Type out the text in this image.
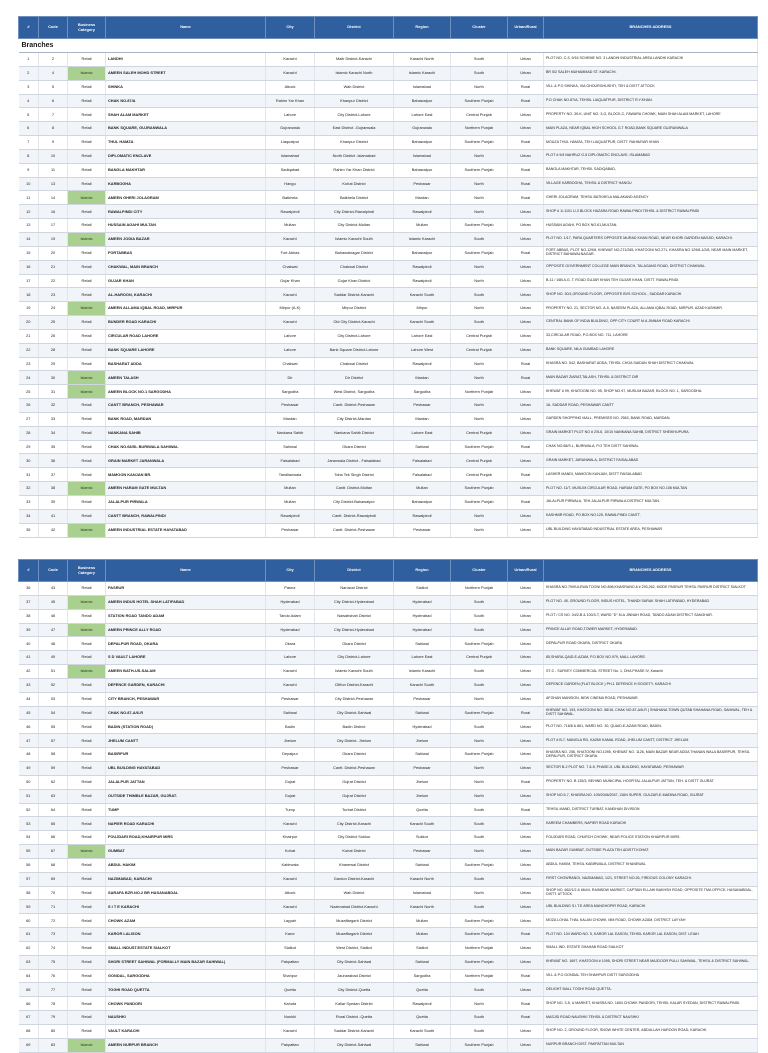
#	Code	Business Category	Name	City	District	Region	Cluster	Urban/Rural	BRANCHES ADDRESS
Branches									
1	2	Retail	LANDHI	Karachi	Malir District-Karachi	Karachi North	South	Urban	PLOT NO. C-3, 9/16 SCHEME NO. 3 LANDHI INDUSTRIAL AREA LANDHI KARACHI
2	4	Islamic	AMEEN SALEH MOHD STREET	Karachi	Islamic Karachi North	Islamic Karachi	South	Urban	BR 5/2 SALEH MUHAMMAD ST. KARACHI.
3	5	Retail	SHINKA	Attock	Wah District	Islamabad	North	Rural	VILL & P.O SHINKA, VIA GHOURGHUSHTI, TEH & DISTT ATTOCK
4	6	Retail	CHAK NO.87/A	Rahim Yar Khan	Khanpur District	Bahawalpur	Southern Punjab	Rural	P.O CHAK NO.87/A, TEHSIL LIAQUATPUR, DISTRICT R.Y.KHAN.
5	7	Retail	SHAH ALAM MARKET	Lahore	City District-Lahore	Lahore East	Central Punjab	Urban	PROPERTY NO. 39-K, UNIT NO. 3-G, BLOCK-C, FAWARA CHOWK, MAIN SHAH ALAM MARKET, LAHORE
6	8	Retail	BANK SQUARE, GUJRANWALA	Gujranwala	East District -Gujranwala	Gujranwala	Northern Punjab	Urban	MAIN PLAZA, NEAR IQBAL HIGH SCHOOL G.T ROAD,BANK SQUARE GUJRANWALA
7	9	Retail	THUL HAMZA	Liaquatpur	Khanpur District	Bahawalpur	Southern Punjab	Rural	MOUZA THUL HAMZA, TEH LIAQUATPUR, DISTT. RAHIMYAR KHAN
8	10	Retail	DIPLOMATIC ENCLAVE	Islamabad	North District -Islamabad	Islamabad	North	Urban	PLOT # 9/4 NAHRUZ G-5 DIPLOMATIC ENCLAVE, ISLAMABAD
9	11	Retail	BANGLA MAKHTAR	Sadiqabad	Rahim Yar Khan District	Bahawalpur	Southern Punjab	Rural	BANGLA MAKHTAR, TEHSIL SADIQABAD,
10	13	Retail	KARBOGHA	Hangu	Kohat District	Peshawar	North	Rural	VILLAGE KARBOGHA, TEHSIL & DISTRICT HANGU
11	14	Islamic	AMEEN GHERI JOLAGRAM	Batkhela	Batkhela District	Mardan	North	Rural	GHERI JOLAGRAM, TEHSIL BATKHELA MALAKAND AGENCY
12	16	Retail	RAWALPINDI CITY	Rawalpindi	City District-Rawalpindi	Rawalpindi	North	Urban	SHOP # 1/-1101 U-3 BLOCK HAZARA ROAD RAWALPINDI TEHSIL & DISTRICT RAWALPINDI
13	17	Retail	HUSSAIN AGAHI MULTAN	Multan	City District-Multan	Multan	Southern Punjab	Urban	HUSSAIN AGAHI, PO BOX NO.61,MULTAN.
14	19	Islamic	AMEEN JODIA BAZAR	Karachi	Islamic Karachi South	Islamic Karachi	South	Urban	PLOT NO. 1/17, PARA QUARTERS OPPOSITE MURAD KHAN ROAD, NEAR KHORI GARDEN MASJID, KARACHI.
15	20	Retail	FORTABBAS	Fort Abbas	Bahawalnagar District	Bahawalpur	Southern Punjab	Rural	FORT ABBAS, PLOT NO.129/8, KHEWAT NO.271/265, KHATOONI NO.271, KHASRA NO.129/8-1/2/8, NEAR MAIN MARKET, DISTRICT BAHAWALNAGAR.
16	21	Retail	CHAKWAL, MAIN BRANCH	Chakwal	Chakwal District	Rawalpindi	North	Urban	OPPOSITE GOVERNMENT COLLEGE MAIN BRANCH, TALAGANG ROAD, DISTRICT CHAKWAL.
17	22	Retail	GUJAR KHAN	Gujar Khan	Gujar Khan District	Rawalpindi	North	Urban	B-11 / 16B A.G. T. ROAD GUJAR KHAN TEH GUJAR KHAN, DISTT. RAWALPINDI.
18	23	Retail	AL-HAROON, KARACHI	Karachi	Saddar District-Karachi	Karachi South	South	Urban	SHOP NO. 30/1,GROUND FLOOR, OPPOSITE BVS SCHOOL , SADDAR KARACHI
19	24	Islamic	AMEEN ALLAMA IQBAL ROAD, MIRPUR	Mirpur (A.K)	Mirpur District	Mirpur	North	Urban	PROPERTY NO. 21, SECTOR NO. A-5, NASEEM PLAZA, ALLAMA IQBAL ROAD, MIRPUR, AZAD KASHMIR.
20	25	Retail	BUNDER ROAD KARACHI	Karachi	Old City District-Karachi	Karachi South	South	Urban	CENTRAL BANK OF INDIA BUILDING, OPP CITY COURT M.A JINNAH ROAD KARACHI
21	26	Retail	CIRCULAR ROAD LAHORE	Lahore	City District-Lahore	Lahore East	Central Punjab	Urban	33,CIRCULAR ROAD, P.O.BOX NO. 711, LAHORE
22	28	Retail	BANK SQUARE LAHORE	Lahore	Bank Square District-Lahore	Lahore West	Central Punjab	Urban	BANK SQUARE, NILA GUMBAD LAHORE
23	29	Retail	BASHARAT ADDA	Chakwal	Chakwal District	Rawalpindi	North	Rural	KHASRA NO. 542, BASHARAT ADDA, TEHSIL CHOA SAIDAN SHAH DISTRICT CHAKWAL
24	30	Islamic	AMEEN TALASH	Dir	Dir District	Mardan	North	Rural	MAIN BAZAR ZIARAT,TALASH, TEHSIL & DISTRICT DIR
25	31	Islamic	AMEEN BLOCK NO.1 SARGODHA	Sargodha	West District, Sargodha	Sargodha	Northern Punjab	Urban	KHEWAT # 99, KHATOONI NO. 95, SHOP NO.97, MUSLIM BAZAR, BLOCK NO. 1, SARGODHA.
26	32	Retail	CANTT BRANCH, PESHAWAR	Peshawar	Cantt. District-Peshawar	Peshawar	North	Urban	16- SADDAR ROAD, PESHAWAR CANTT
27	33	Retail	BANK ROAD, MARDAN	Mardan	City District-Mardan	Mardan	North	Urban	GARDEN SHOPPING MALL, PREMISES NO. 2563, BANK ROAD, MARDAN.
28	34	Retail	NANKANA SAHIB	Nankana Sahib	Nankana Sahib District	Lahore East	Central Punjab	Urban	GRAIN MARKET PLOT NO # 2/5-6, 10/10 NANKANA SAHIB, DISTRICT SHEIKHUPURA
29	35	Retail	CHAK NO.68/SL BURIWALA SAHIWAL	Sahiwal	Okara District	Sahiwal	Southern Punjab	Rural	CHAK NO.68/S.L, BURIWALA, P.O TEH DISTT SAHIWAL
30	36	Retail	GRAIN MARKET JARANWALA	Faisalabad	Jaranwala District - Faisalabad	Faisalabad	Central Punjab	Urban	GRAIN MARKET, JARANWALA, DISTRICT FAISALABAD
31	37	Retail	MAMOON KANJAN BR.	Tandlianwala	Toba Tek Singh District	Faisalabad	Central Punjab	Rural	LASHER MANDI, MAMOON KANJAN, DISTT FAISALABAD
32	38	Islamic	AMEEN HARAM GATE MULTAN	Multan	Cantt. District-Multan	Multan	Southern Punjab	Urban	PLOT NO. 11/7, MUSLIM CIRCULAR ROAD, HARAM GATE, PO BOX NO.108 MULTAN
33	39	Retail	JALALPUR PIRWALA	Multan	City District-Bahawalpur	Bahawalpur	Southern Punjab	Rural	JALALPUR PIRWALA, TEH.JALALPUR PIRWALA DISTRICT MULTAN.
34	41	Retail	CANTT BRANCH, RAWALPINDI	Rawalpindi	Cantt. District-Rawalpindi	Rawalpindi	North	Urban	KASHMIR ROAD, PO.BOX NO.125, RAWALPINDI CANTT.
35	42	Islamic	AMEEN INDUSTRIAL ESTATE HAYATABAD	Peshawar	Cantt. District-Peshawar	Peshawar	North	Urban	UBL BUILDING HAYATABAD INDUSTRIAL ESTATE AREA, PESHAWAR
#	Code	Business Category	Name	City	District	Region	Cluster	Urban/Rural	BRANCHES ADDRESS
36	43	Retail	PASRUR	Pasrur	Narowal District	Sialkot	Northern Punjab	Urban	KHASRA NO.79/KULEWA TOONI NO.898,KHASRANO.8 # 293,262, MODE PASRUR TEHSIL PASRUR DISTRICT SIALKOT
37	45	Islamic	AMEEN INDUS HOTEL SHAH LATIFABAD	Hyderabad	City District-Hyderabad	Hyderabad	South	Urban	PLOT NO. 45, GROUND FLOOR, INDUS HOTEL, THANDI SARAK SHAH LATIFABAD, HYDERABAD
38	46	Retail	STATION ROAD TANDO ADAM	Tando Adam	Nawabshah District	Hyderabad	South	Urban	PLOT / CS NO. 04/2-B & 100/3-T, WARD "D" M.A JINNAH ROAD, TANDO ADAM DISTRICT SANGHAR.
39	47	Islamic	AMEEN PRINCE ALLY ROAD	Hyderabad	City District-Hyderabad	Hyderabad	South	Urban	PRINCE ALLAY ROAD,TOWER MARKET, HYDERABAD.
40	48	Retail	DEPALPUR ROAD, OKARA	Okara	Okara District	Sahiwal	Southern Punjab	Urban	DEPALPUR ROAD OKARA, DISTRICT OKARA
41	49	Retail	S D VAULT LAHORE	Lahore	City District-Lahore	Lahore East	Central Punjab	Urban	85,SHARA-QAID-E-AZAM, P.O.BOX NO.979, MALL LAHORE.
42	51	Islamic	AMEEN BATH-US-SALAM	Karachi	Islamic Karachi South	Islamic Karachi	South	Urban	ST-C - SURVEY COMMERCIAL STREET No. 1, DHA PHASE IV, Karachi
43	52	Retail	DEFENCE GARDEN, KARACHI	Karachi	Clifton District-Karachi	Karachi South	South	Urban	DEFENCE GARDEN (FLAT BLOCK ) PH-1 DEFENCE H.SOCIETY, KARACHI
44	53	Retail	CITY BRANCH, PESHAWAR	Peshawar	City District-Peshawar	Peshawar	North	Urban	AFGHAN MANSION, NEW CINEMA ROAD, PESHAWAR
45	54	Retail	CHAK NO.87-A/6-R	Sahiwal	City District-Sahiwal	Sahiwal	Southern Punjab	Rural	KHEWAT NO. 193, KHATOONI NO. 58/16, CHAK NO.87-A/6-R ( SHAHANA TOWN QUTAB SHAHANA ROAD, SAHIWAL, TEH & DISTT SAHIWAL.
46	55	Retail	BADIN (STATION ROAD)	Badin	Badin District	Hyderabad	South	Urban	PLOT NO. 718/8 & 861, WARD NO. 30, QUAID-E-AZAM ROAD, BADIN.
47	57	Retail	JHELUM CANTT	Jhelum	City District- Jhelum	Jhelum	North	Urban	PLOT # B-7, MANGLA RD, KAZMI KAMAL ROAD, JHELUM CANTT, DISTRICT JHELUM
48	58	Retail	BASIRPUR	Depalpur	Okara District	Sahiwal	Southern Punjab	Urban	KHASRA NO. 256, KHATOONI NO.1095, KHEWAT NO. 1126, MAIN BAZAR NEAR ADDA THANAN WALA BASIRPUR, TEHSIL DEPALPUR, DISTRICT OKARA.
49	59	Retail	UBL BUILDING HAYATABAD	Peshawar	Cantt. District-Peshawar	Peshawar	North	Urban	SECTOR B-2 PLOT NO. 7 & 8, PHASE-5, UBL BUILDING, HAYATABAD, PESHAWAR
50	62	Retail	JALALPUR JATTAN	Gujrat	Gujrat District	Jhelum	North	Rural	PROPERTY NO. B 135/3, BEHIND MUNICIPAL HOSPITAL JALALPUR JATTAN, TEH. & DISTT GUJRAT
51	63	Retail	OUTSIDE THIMBLE BAZAR, GUJRAT.	Gujrat	Gujrat District	Jhelum	North	Urban	SHOP NO.5-7, KHASRA NO. 109/2046/2047, ZAIN SUPER, GULZAR-E-MADINA ROAD, GUJRAT
52	64	Retail	TUMP	Tump	Turbat District	Quetta	South	Rural	TEHSIL MAND, DISTRICT TURBAT, KANDHAN DIVISION
53	65	Retail	NAPIER ROAD KARACHI	Karachi	City District-Karachi	Karachi South	South	Urban	KAREEM CHAMBERS, NAPIER ROAD KARACHI
54	66	Retail	FOUJDARI ROAD,KHAIRPUR MIRS	Khairpur	City District Sukkur	Sukkur	South	Urban	FOUJDARI ROAD, CHURCH CHOWK, NEAR POLICE STATION KHAIRPUR MIRS.
55	67	Islamic	GUMBAT	Kohat	Kohat District	Peshawar	North	Urban	MAIN BAZAR GUMBAT, OUTSIDE PLAZA TEH.&DISTT.KOHAT.
56	68	Retail	ABDUL HAKIM	Kabirwala	Khanewal District	Sahiwal	Southern Punjab	Urban	ABDUL HAKIM, TEHSIL KABIRWALA, DISTRICT KHANEWAL
57	69	Retail	NAZIMABAD, KARACHI	Karachi	Gardon District-Karachi	Karachi North	South	Urban	FIRST CHOWRANGI, NAZIMABAD, 1/21, STREET NO.26, FIRDOUS COLONY KARACHI.
58	70	Retail	SARAFA BZR.NO.2 BR HASANABDAL	Attock	Wah District	Islamabad	North	Urban	SHOP NO. 662/1/2 & 664/4, RAINBOW MARKET, CAPTAIN ELLAHI BAKHSH ROAD, OPPOSITE TMA OFFICE, HASANABDAL, DISTT. ATTOCK.
59	71	Retail	S I T E KARACHI	Karachi	Nazimabad District-Karachi	Karachi North	South	Urban	UBL BUILDING S.I.T.E AREA MANGHOPIR ROAD, KARACHI
60	72	Retail	CHOWK AZAM	Layyah	Muzaffargarh District	Multan	Southern Punjab	Urban	MOZA LOHAL THAL KALAN CHOWK, MM ROAD, CHOWK AZAM, DISTRICT LAYYAH
61	73	Retail	KAROR LALISON	Karor	Muzaffargarh District	Multan	Southern Punjab	Rural	PLOT NO. 104 WARD NO. 5, KAROR LAL EASON, TEHSIL KAROR LAL EASON, DIST. LEIAH
62	74	Retail	SMALL INDUST.ESTATE SIALKOT	Sialkot	West District, Sialkot	Sialkot	Northern Punjab	Urban	SMALL IND. ESTATE SHAHAB ROAD SIALKOT
63	75	Retail	SHORI STREET SAHIWAL (FORMALLY MAIN BAZAR SAHIWAL)	Pakpattan	City District-Sahiwal	Sahiwal	Southern Punjab	Urban	KHEWAT NO. 1697, KHATOONI # 1095, SHORI STREET NEAR MAJDOOR PULLI SAHIWAL, TEHSIL & DISTRICT SAHIWAL.
64	76	Retail	GONDAL, SARGODHA	Shahpur	Jauharabad District	Sargodha	Northern Punjab	Rural	VILL & P.O GONDAL TEH SHAHPUR DISTT SARGODHA
65	77	Retail	TOGHI ROAD QUETTA	Quetta	City District-Quetta	Quetta	South	Urban	DELIGHT MALL TOGHI ROAD QUETTA.
66	78	Retail	CHOWK PANDORI	Kahuta	Kallar Syedan District	Rawalpindi	North	Rural	SHOP NO. 3-5, U MARKET, KHASRA NO. 1654 CHOWK PANDORI, TEHSIL KALAR SYEDAN, DISTRICT RAWALPINDI.
67	79	Retail	NAUSHKI	Noshki	Rural District -Quetta	Quetta	South	Rural	MASJID ROAD NAUSHKI TEHSIL & DISTRICT NAUSHKI
68	80	Retail	VAULT KARACHI	Karachi	Saddar District-Karachi	Karachi South	South	Urban	SHOP NO. 2, GROUND FLOOR, SNOW WHITE CENTER, ABDULLAH HAROON ROAD, KARACHI.
69	83	Islamic	AMEEN NURPUR BRANCH	Pakpattan	City District-Sahiwal	Sahiwal	Southern Punjab	Urban	NURPUR BRANCH DIST. PAKPATTAN MULTAN
